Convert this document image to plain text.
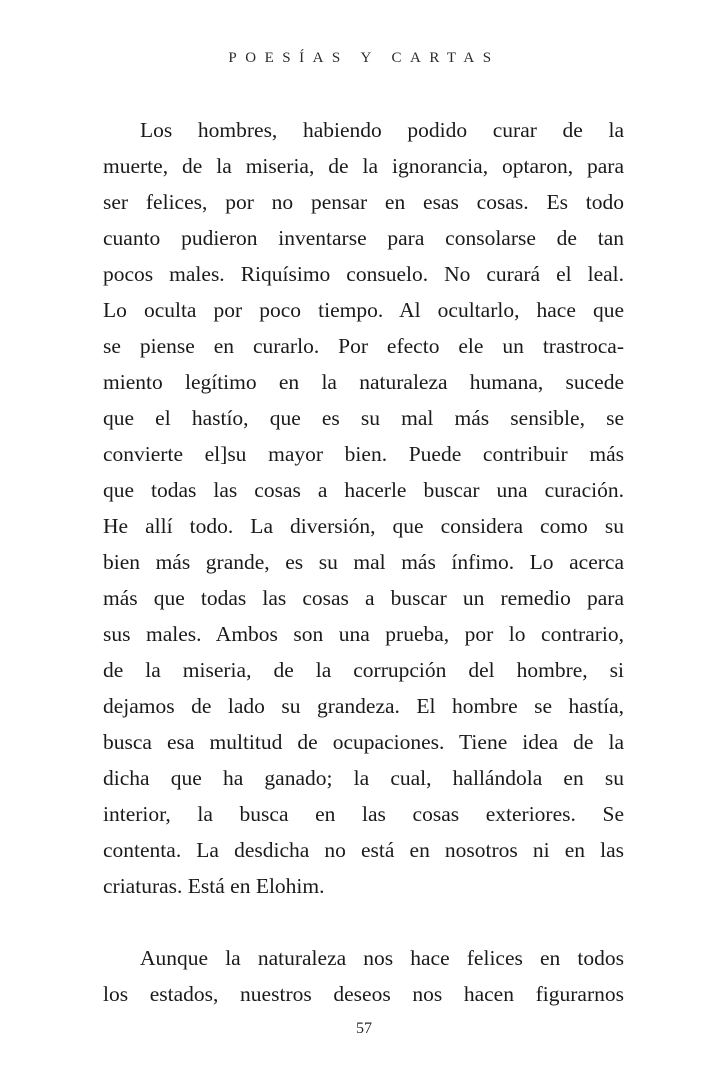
POESÍAS Y CARTAS
Los hombres, habiendo podido curar de la
muerte, de la miseria, de la ignorancia, optaron, para
ser felices, por no pensar en esas cosas. Es todo
cuanto pudieron inventarse para consolarse de tan
pocos males. Riquísimo consuelo. No curará el leal.
Lo oculta por poco tiempo. Al ocultarlo, hace que
se piense en curarlo. Por efecto ele un trastroca-
miento legítimo en la naturaleza humana, sucede
que el hastío, que es su mal más sensible, se
convierte el]su mayor bien. Puede contribuir más
que todas las cosas a hacerle buscar una curación.
He allí todo. La diversión, que considera como su
bien más grande, es su mal más ínfimo. Lo acerca
más que todas las cosas a buscar un remedio para
sus males. Ambos son una prueba, por lo contrario,
de la miseria, de la corrupción del hombre, si
dejamos de lado su grandeza. El hombre se hastía,
busca esa multitud de ocupaciones. Tiene idea de la
dicha que ha ganado; la cual, hallándola en su
interior, la busca en las cosas exteriores. Se
contenta. La desdicha no está en nosotros ni en las
criaturas. Está en Elohim.
Aunque la naturaleza nos hace felices en todos
los estados, nuestros deseos nos hacen figurarnos
57
